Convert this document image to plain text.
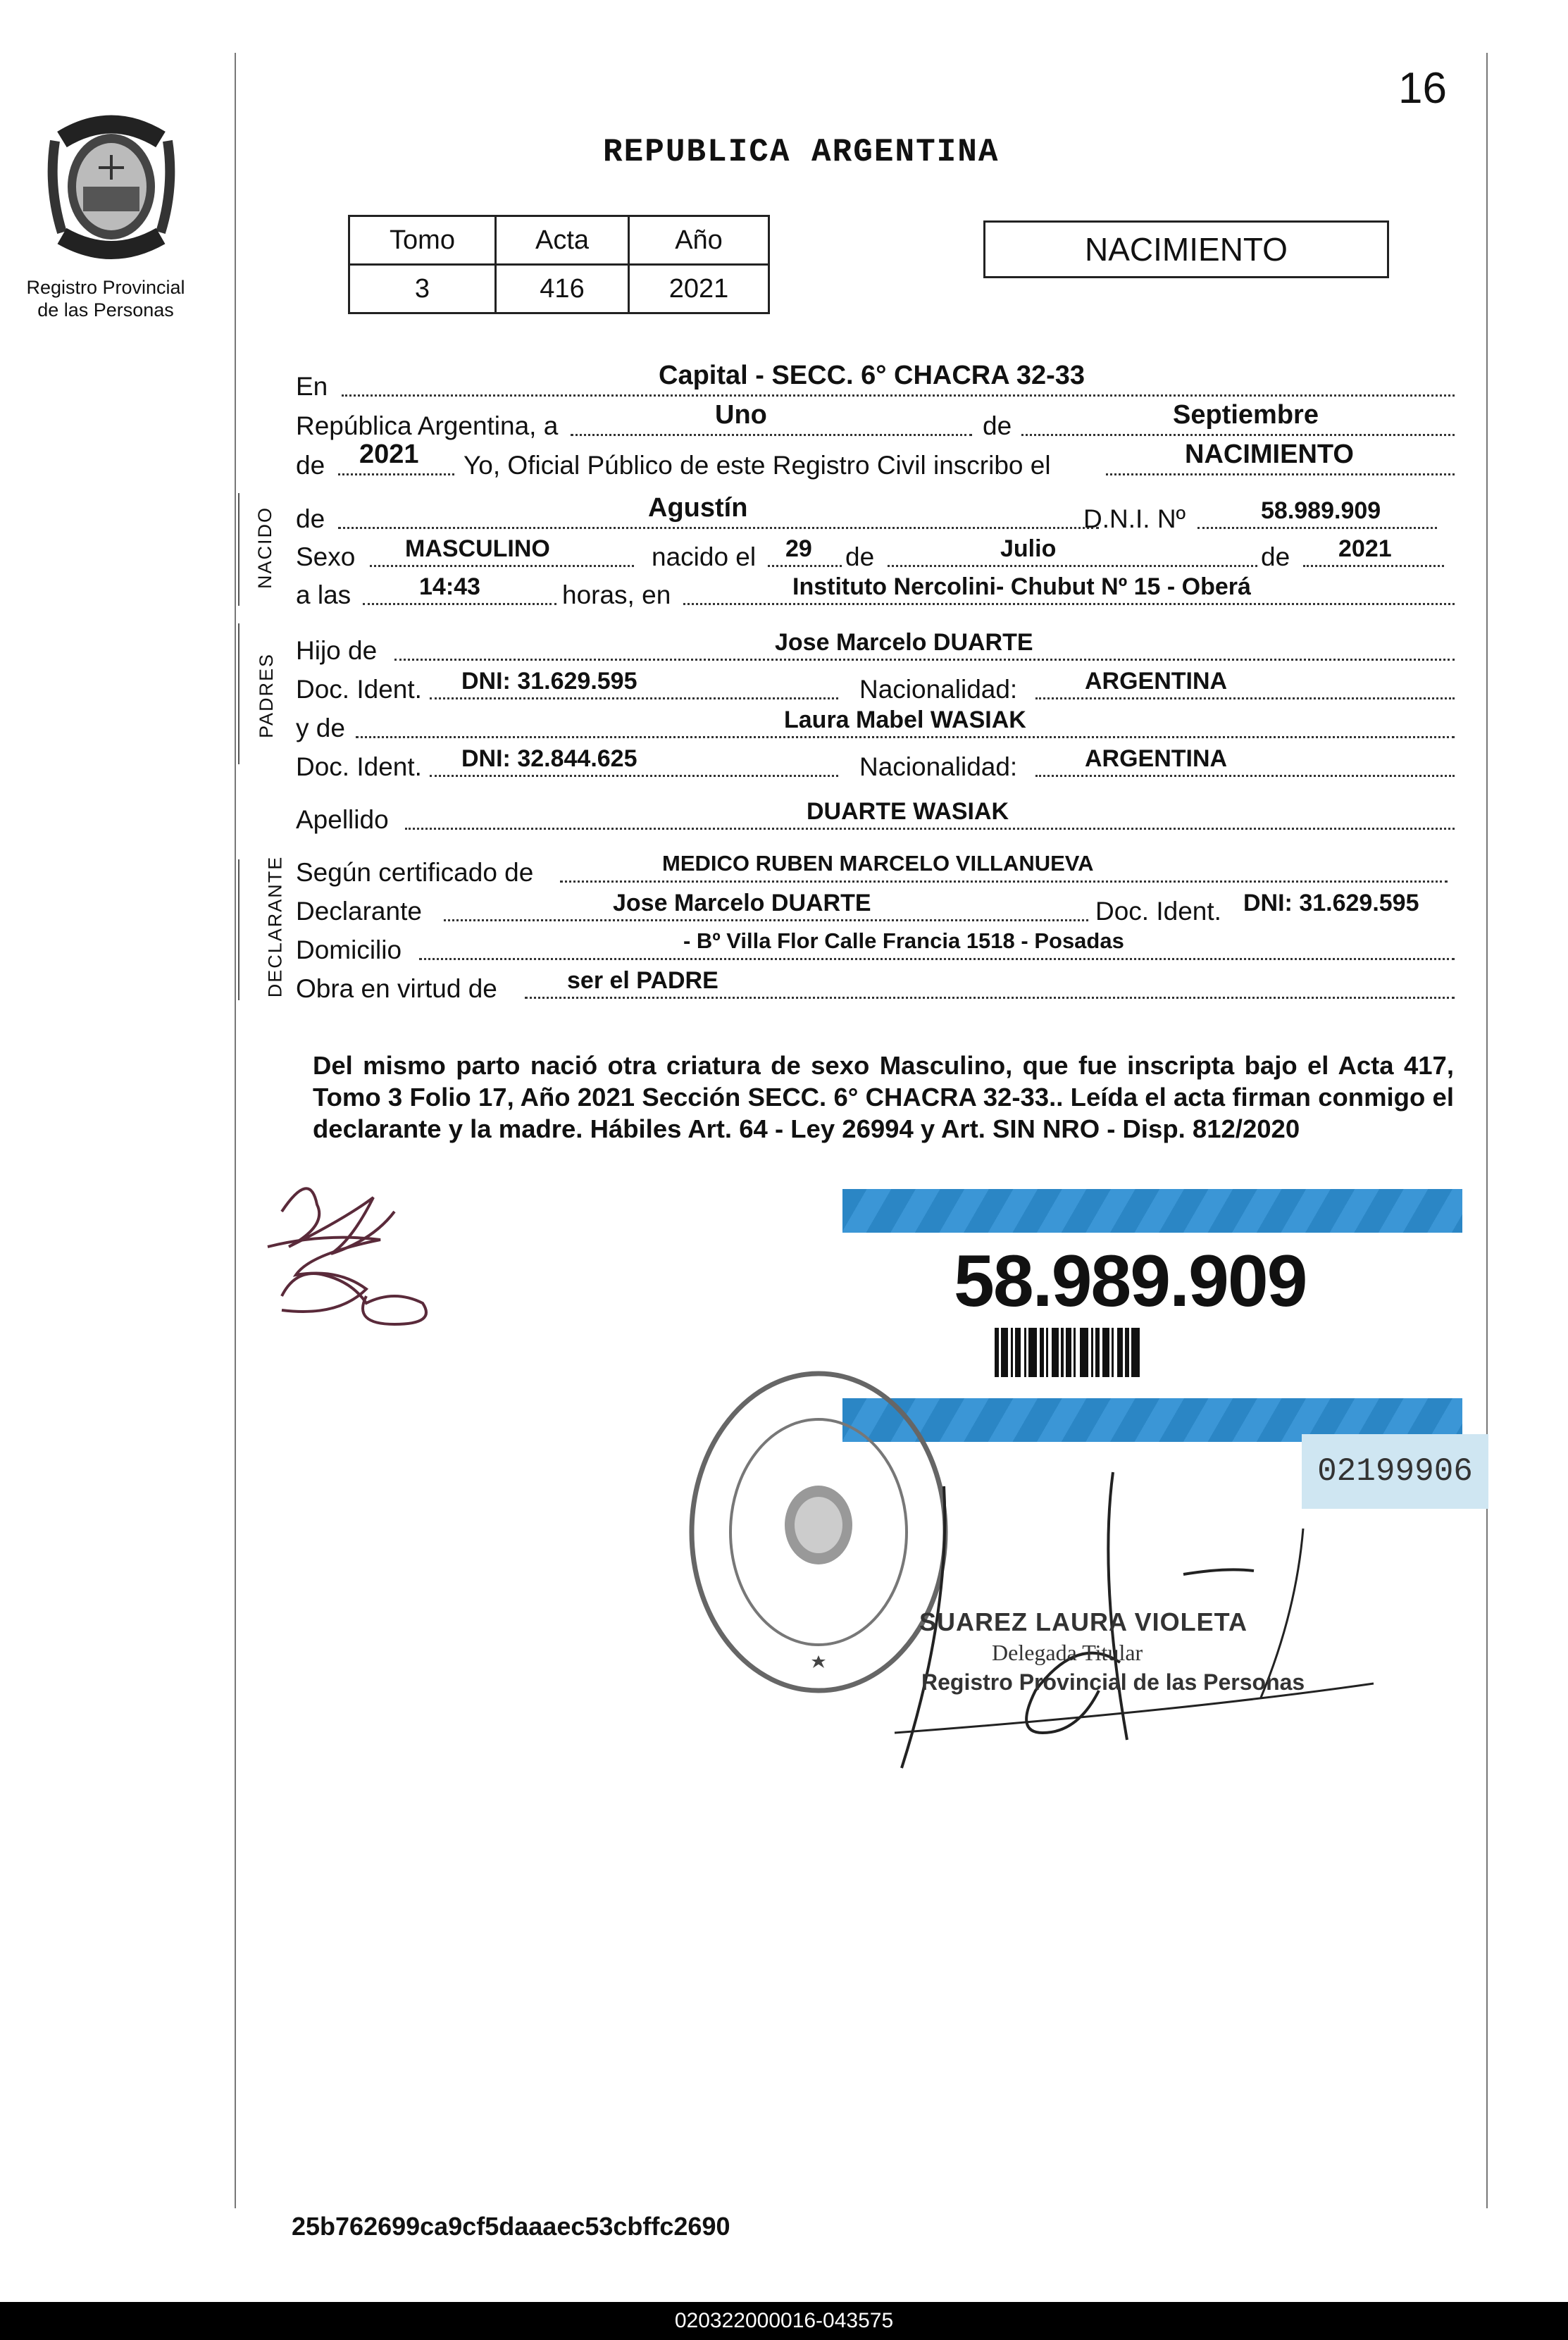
16
Registro Provincial
de las Personas
REPUBLICA ARGENTINA
Tomo	Acta	Año
3	416	2021
NACIMIENTO
NACIDO
PADRES
DECLARANTE
En	Capital - SECC. 6° CHACRA 32-33
República Argentina, a	Uno	de	Septiembre
de 2021 Yo, Oficial Público de este Registro Civil inscribo el	NACIMIENTO
de	Agustín	D.N.I. Nº	58.989.909
Sexo MASCULINO	nacido el 29 de	Julio	de 2021
a las	14:43	horas, en	Instituto Nercolini- Chubut Nº 15 - Oberá
Hijo de	Jose Marcelo DUARTE
Doc. Ident. DNI: 31.629.595	Nacionalidad:	ARGENTINA
y de	Laura Mabel WASIAK
Doc. Ident. DNI: 32.844.625	Nacionalidad:	ARGENTINA
Apellido	DUARTE WASIAK
Según certificado de	MEDICO RUBEN MARCELO VILLANUEVA
Declarante	Jose Marcelo DUARTE	Doc. Ident. DNI: 31.629.595
Domicilio	- Bº Villa Flor Calle Francia 1518 - Posadas
Obra en virtud de	ser el PADRE
Del mismo parto nació otra criatura de sexo Masculino, que fue inscripta bajo el Acta 417, Tomo 3 Folio 17, Año 2021 Sección SECC. 6° CHACRA 32-33.. Leída el acta firman conmigo el declarante y la madre. Hábiles Art. 64 - Ley 26994 y Art. SIN NRO - Disp. 812/2020
58.989.909
02199906
SUAREZ LAURA VIOLETA
Delegada Titular
Registro Provincial de las Personas
25b762699ca9cf5daaaec53cbffc2690
020322000016-043575
